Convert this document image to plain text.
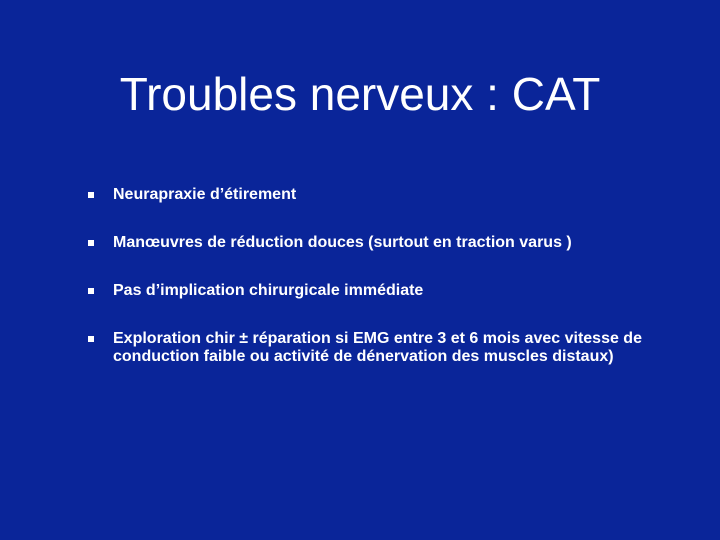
Troubles nerveux : CAT
Neurapraxie d’étirement
Manœuvres de réduction douces (surtout en traction varus )
Pas d’implication chirurgicale immédiate
Exploration chir ± réparation si EMG entre 3 et 6 mois avec vitesse de conduction faible ou activité de dénervation des muscles distaux)
